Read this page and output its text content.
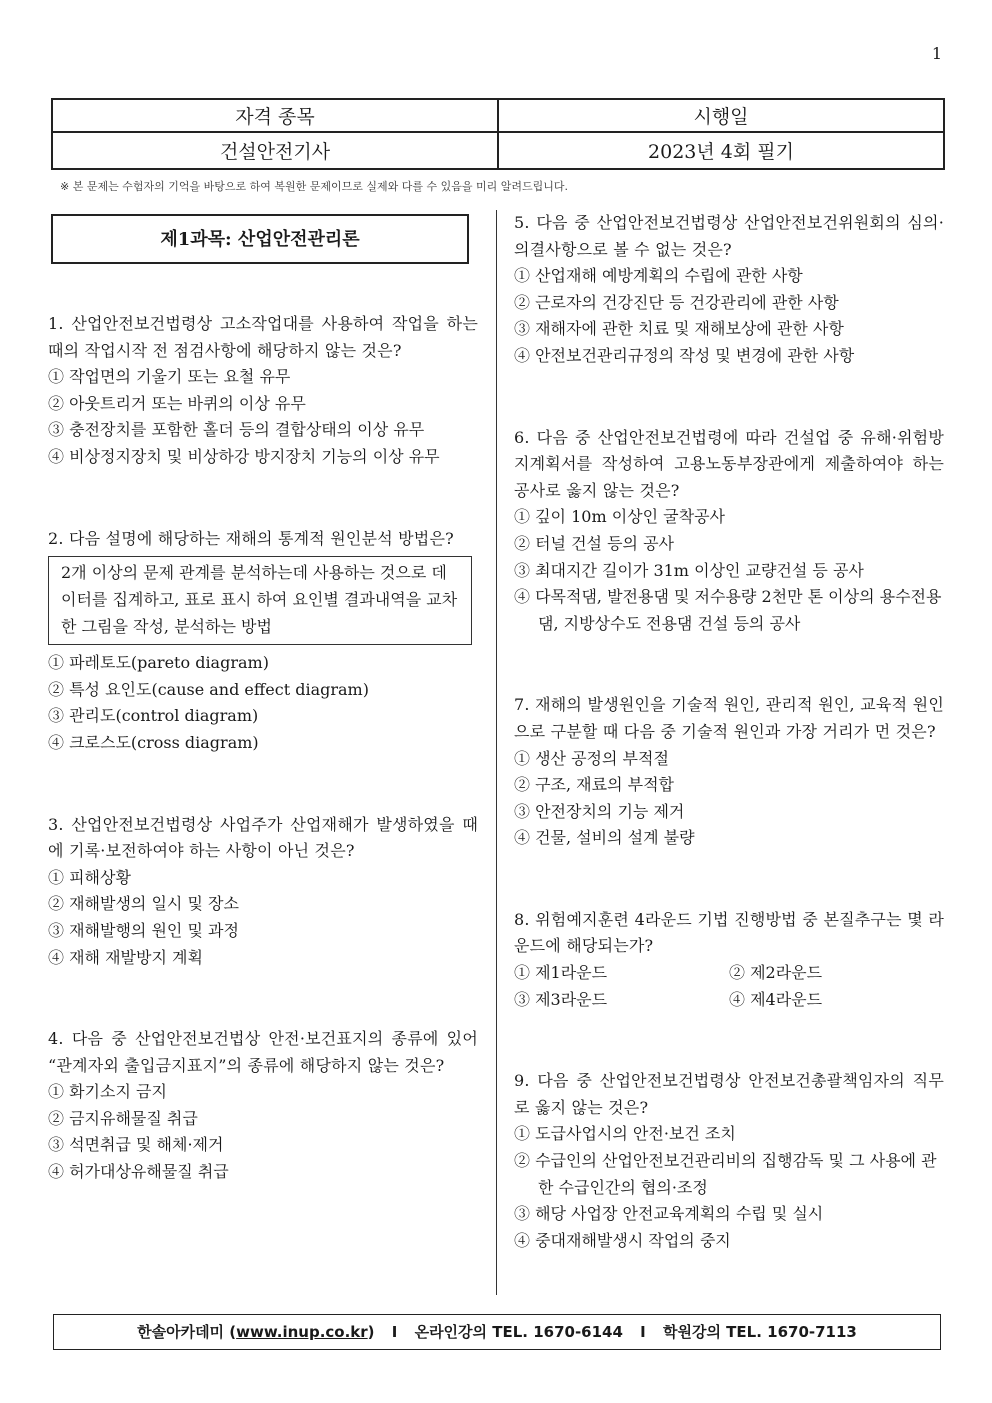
1
자격 종목	시행일
건설안전기사	2023년 4회 필기
※ 본 문제는 수험자의 기억을 바탕으로 하여 복원한 문제이므로 실제와 다를 수 있음을 미리 알려드립니다.
제1과목: 산업안전관리론

1. 산업안전보건법령상 고소작업대를 사용하여 작업을 하는 때의 작업시작 전 점검사항에 해당하지 않는 것은?

① 작업면의 기울기 또는 요철 유무

② 아웃트리거 또는 바퀴의 이상 유무

③ 충전장치를 포함한 홀더 등의 결합상태의 이상 유무

④ 비상정지장치 및 비상하강 방지장치 기능의 이상 유무

2. 다음 설명에 해당하는 재해의 통계적 원인분석 방법은?

2개 이상의 문제 관계를 분석하는데 사용하는 것으로 데이터를 집계하고, 표로 표시 하여 요인별 결과내역을 교차한 그림을 작성, 분석하는 방법

① 파레토도(pareto diagram)

② 특성 요인도(cause and effect diagram)

③ 관리도(control diagram)

④ 크로스도(cross diagram)

3. 산업안전보건법령상 사업주가 산업재해가 발생하였을 때에 기록·보전하여야 하는 사항이 아닌 것은?

① 피해상황

② 재해발생의 일시 및 장소

③ 재해발행의 원인 및 과정

④ 재해 재발방지 계획

4. 다음 중 산업안전보건법상 안전·보건표지의 종류에 있어 “관계자외 출입금지표지”의 종류에 해당하지 않는 것은?

① 화기소지 금지

② 금지유해물질 취급

③ 석면취급 및 해체·제거

④ 허가대상유해물질 취급

5. 다음 중 산업안전보건법령상 산업안전보건위원회의 심의·의결사항으로 볼 수 없는 것은?

① 산업재해 예방계획의 수립에 관한 사항

② 근로자의 건강진단 등 건강관리에 관한 사항

③ 재해자에 관한 치료 및 재해보상에 관한 사항

④ 안전보건관리규정의 작성 및 변경에 관한 사항

6. 다음 중 산업안전보건법령에 따라 건설업 중 유해·위험방지계획서를 작성하여 고용노동부장관에게 제출하여야 하는 공사로 옳지 않는 것은?

① 깊이 10m 이상인 굴착공사

② 터널 건설 등의 공사

③ 최대지간 길이가 31m 이상인 교량건설 등 공사

④ 다목적댐, 발전용댐 및 저수용량 2천만 톤 이상의 용수전용 댐, 지방상수도 전용댐 건설 등의 공사

7. 재해의 발생원인을 기술적 원인, 관리적 원인, 교육적 원인으로 구분할 때 다음 중 기술적 원인과 가장 거리가 먼 것은?

① 생산 공정의 부적절

② 구조, 재료의 부적합

③ 안전장치의 기능 제거

④ 건물, 설비의 설계 불량

8. 위험예지훈련 4라운드 기법 진행방법 중 본질추구는 몇 라운드에 해당되는가?

① 제1라운드	② 제2라운드

③ 제3라운드	④ 제4라운드

9. 다음 중 산업안전보건법령상 안전보건총괄책임자의 직무로 옳지 않는 것은?

① 도급사업시의 안전·보건 조치

② 수급인의 산업안전보건관리비의 집행감독 및 그 사용에 관한 수급인간의 협의·조정

③ 해당 사업장 안전교육계획의 수립 및 실시

④ 중대재해발생시 작업의 중지

한솔아카데미 (www.inup.co.kr) I 온라인강의 TEL. 1670-6144 I 학원강의 TEL. 1670-7113
